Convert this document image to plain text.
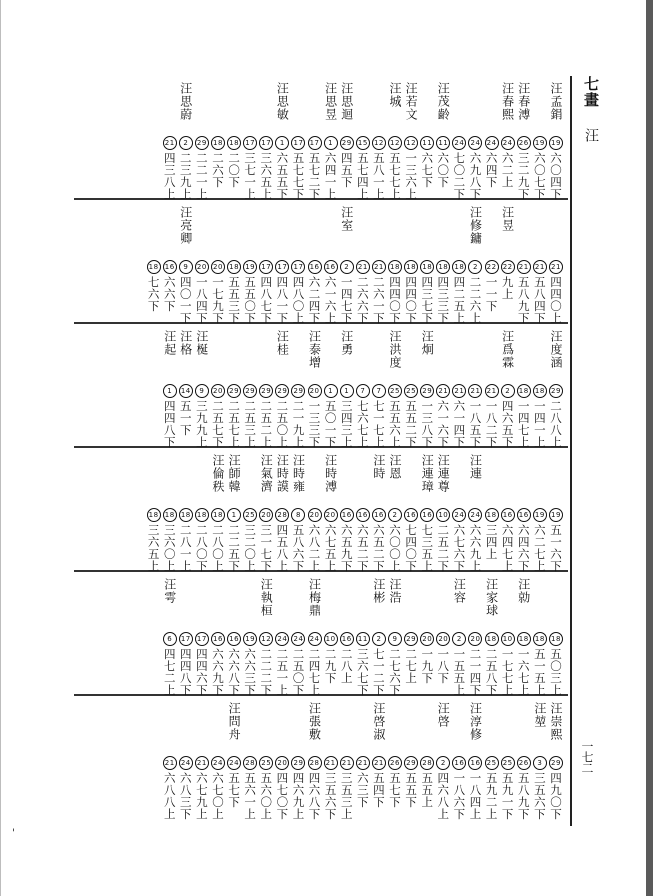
七畫 汪
一七二
'
汪孟鋗
19六〇四下
19六〇七下
汪春溥
26三二九下
汪春熙
24六二上
24六四下
24六九八下
24七〇二下
汪茂齡
11六〇下
11六七下
汪若文
12一三六上
汪城
12五七七上
12五八一上
15五七四上
汪思迴
29四五下
汪思昱
1六四一上
17五七二下
17五七七下
汪思敏
1六五五下
17三六五上
17三七一上
18二〇下
18二六下
29二二一上
汪思蔚
2二三九上
21四三八上
21四四〇上
21五八四下
21五八九下
汪昱
22九上
22一一下
汪修鏞
2二二六上
18四二五上
18四三三下
18四三七下
18四四〇下
18四四〇下
21二六一下
21二六六下
汪室
2一四七下
16六一六上
16六二四下
17四八〇上
17四八一下
17四八七下
19五五〇下
18五五三下
20一七九下
20一八四下
汪亮卿
9四〇一下
16六六下
18七六下
汪度涵
29二八八上
18一四一上
18一四七上
汪爲霖
2四六五下
21一八二下
21一八五下
21六一四下
21六一六下
汪炯
29一三八下
25五五二下
汪洪度
25五五六上
7七一七上
7七六七上
汪勇
1三四三上
1五〇一下
汪泰增
20一三三下
29二一九上
汪桂
29二五〇上
29二五二上
29二五三上
29二五七上
20二五七下
汪梴
9三九九上
汪格
14五一下
汪起
1四四八下
19五一六下
19六二七上
16六四六下
16六四七上
18三四上
汪連
24六六九上
24六七六下
汪連尊
10二五二下
汪連璋
16七三五上
16七四〇下
汪恩
2六〇〇上
汪時
16六五二下
16六五二下
16六五九下
汪時溥
20六七五上
20六八二上
汪時雍
8五八六下
汪時謨
28四五八上
汪氣濟
20三一七下
25三二〇上
汪師韓
1二二五下
汪倫秩
18二八〇上
18二八〇下
18二八一上
18三六〇上
18三六五上
18五〇三上
18五一五上
汪勍
18一六七上
10一七七上
汪家球
18二五八下
20二一四下
汪容
2一五五上
20一八下
20一九下
29二七上
汪浩
9二七六下
汪彬
2七一二下
11三六七下
16二八上
10二九下
汪梅鼎
24二四七上
24二五〇下
24二五一上
汪執桓
12二二二下
19六六三下
16六六八下
16六六九下
17四四六下
17四四八下
汪雩
6四七二上
汪崇熙
29四九〇下
汪堃
3三五六下
26五八九下
25五九一下
25五九二上
汪淳修
16一八四上
16一八六下
汪啓
2四六八上
28五五上
29五五下
26五七下
汪啓淑
21五四下
21六三下
21三五三上
21三五六下
汪張敷
28四六八下
29四六九上
20四七〇下
25五六〇上
28五六一上
汪問舟
24五七下
24六七〇上
21六七九上
24六八三下
21六八八上
